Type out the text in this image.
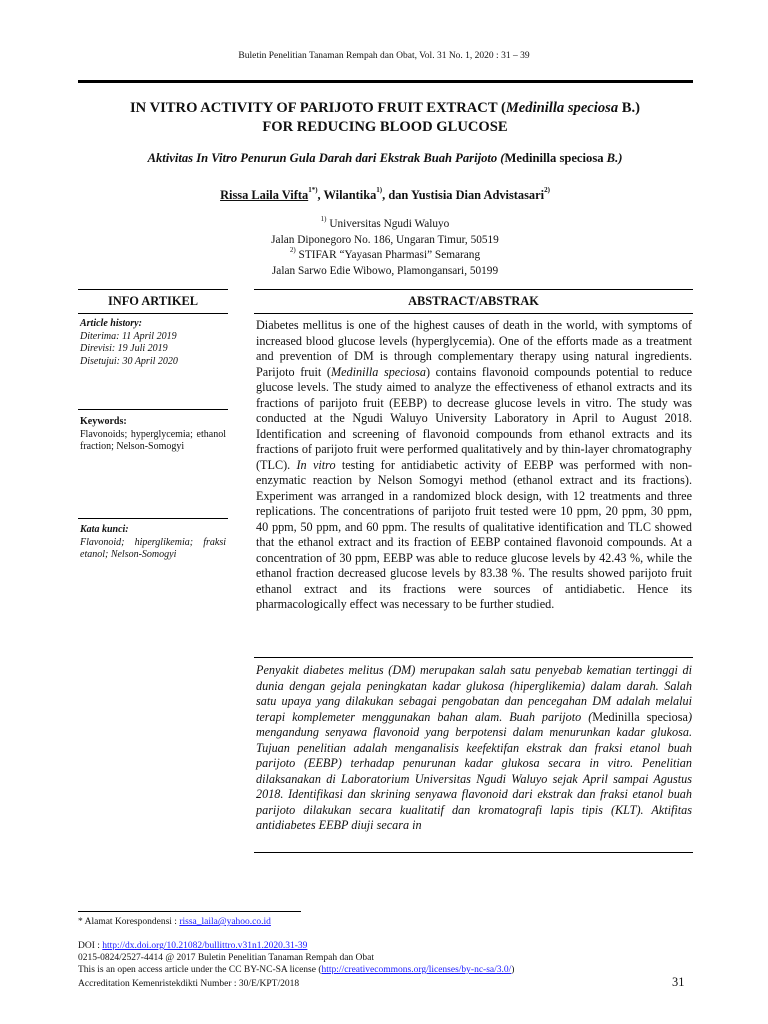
Buletin Penelitian Tanaman Rempah dan Obat, Vol. 31 No. 1, 2020 : 31 – 39
IN VITRO ACTIVITY OF PARIJOTO FRUIT EXTRACT (Medinilla speciosa B.)
FOR REDUCING BLOOD GLUCOSE
Aktivitas In Vitro Penurun Gula Darah dari Ekstrak Buah Parijoto (Medinilla speciosa B.)
Rissa Laila Vifta$^{1*)}$, Wilantika$^{1)}$, dan Yustisia Dian Advistasari$^{2)}$
$^{1)}$ Universitas Ngudi Waluyo
Jalan Diponegoro No. 186, Ungaran Timur, 50519
$^{2)}$ STIFAR “Yayasan Pharmasi” Semarang
Jalan Sarwo Edie Wibowo, Plamongansari, 50199
INFO ARTIKEL	ABSTRACT/ABSTRAK
Article history:
Diterima: 11 April 2019
Direvisi: 19 Juli 2019
Disetujui: 30 April 2020
Keywords:
Flavonoids; hyperglycemia; ethanol fraction; Nelson-Somogyi
Kata kunci:
Flavonoid; hiperglikemia; fraksi etanol; Nelson-Somogyi
Diabetes mellitus is one of the highest causes of death in the world, with symptoms of increased blood glucose levels (hyperglycemia). One of the efforts made as a treatment and prevention of DM is through complementary therapy using natural ingredients. Parijoto fruit (Medinilla speciosa) contains flavonoid compounds potential to reduce glucose levels. The study aimed to analyze the effectiveness of ethanol extracts and its fractions of parijoto fruit (EEBP) to decrease glucose levels in vitro. The study was conducted at the Ngudi Waluyo University Laboratory in April to August 2018. Identification and screening of flavonoid compounds from ethanol extracts and its fractions of parijoto fruit were performed qualitatively and by thin-layer chromatography (TLC). In vitro testing for antidiabetic activity of EEBP was performed with non-enzymatic reaction by Nelson Somogyi method (ethanol extract and its fractions). Experiment was arranged in a randomized block design, with 12 treatments and three replications. The concentrations of parijoto fruit tested were 10 ppm, 20 ppm, 30 ppm, 40 ppm, 50 ppm, and 60 ppm. The results of qualitative identification and TLC showed that the ethanol extract and its fraction of EEBP contained flavonoid compounds. At a concentration of 30 ppm, EEBP was able to reduce glucose levels by 42.43 %, while the ethanol fraction decreased glucose levels by 83.38 %. The results showed parijoto fruit ethanol extract and its fractions were sources of antidiabetic. Hence its pharmacologically effect was necessary to be further studied.
Penyakit diabetes melitus (DM) merupakan salah satu penyebab kematian tertinggi di dunia dengan gejala peningkatan kadar glukosa (hiperglikemia) dalam darah. Salah satu upaya yang dilakukan sebagai pengobatan dan pencegahan DM adalah melalui terapi komplemeter menggunakan bahan alam. Buah parijoto (Medinilla speciosa) mengandung senyawa flavonoid yang berpotensi dalam menurunkan kadar glukosa. Tujuan penelitian adalah menganalisis keefektifan ekstrak dan fraksi etanol buah parijoto (EEBP) terhadap penurunan kadar glukosa secara in vitro. Penelitian dilaksanakan di Laboratorium Universitas Ngudi Waluyo sejak April sampai Agustus 2018. Identifikasi dan skrining senyawa flavonoid dari ekstrak dan fraksi etanol buah parijoto dilakukan secara kualitatif dan kromatografi lapis tipis (KLT). Aktifitas antidiabetes EEBP diuji secara in
* Alamat Korespondensi : rissa_laila@yahoo.co.id
DOI : http://dx.doi.org/10.21082/bullittro.v31n1.2020.31-39
0215-0824/2527-4414 @ 2017 Buletin Penelitian Tanaman Rempah dan Obat
This is an open access article under the CC BY-NC-SA license (http://creativecommons.org/licenses/by-nc-sa/3.0/)
Accreditation Kemenristekdikti Number : 30/E/KPT/2018	31
